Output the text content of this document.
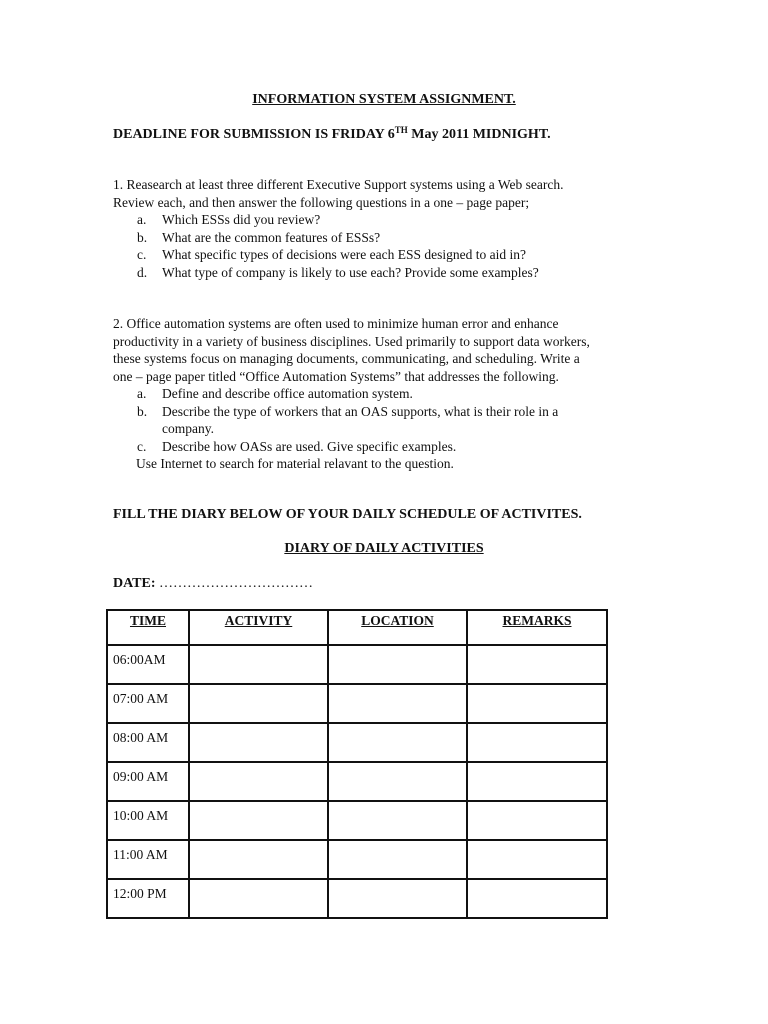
INFORMATION SYSTEM ASSIGNMENT.
DEADLINE FOR SUBMISSION IS FRIDAY 6TH May 2011 MIDNIGHT.
1. Reasearch at least three different Executive Support systems using a Web search.
Review each, and then answer the following questions in a one – page paper;
a. Which ESSs did you review?
b. What are the common features of ESSs?
c. What specific types of decisions were each ESS designed to aid in?
d. What type of company is likely to use each? Provide some examples?
2. Office automation systems are often used to minimize human error and enhance
productivity in a variety of business disciplines. Used primarily to support data workers,
these systems focus on managing documents, communicating, and scheduling. Write a
one – page paper titled “Office Automation Systems” that addresses the following.
a. Define and describe office automation system.
b. Describe the type of workers that an OAS supports, what is their role in a
company.
c. Describe how OASs are used. Give specific examples.
Use Internet to search for material relavant to the question.
FILL THE DIARY BELOW OF YOUR DAILY SCHEDULE OF ACTIVITES.
DIARY OF DAILY ACTIVITIES
DATE: ……………………………
TIME	ACTIVITY	LOCATION	REMARKS
06:00AM			
07:00 AM			
08:00 AM			
09:00 AM			
10:00 AM			
11:00 AM			
12:00 PM			
